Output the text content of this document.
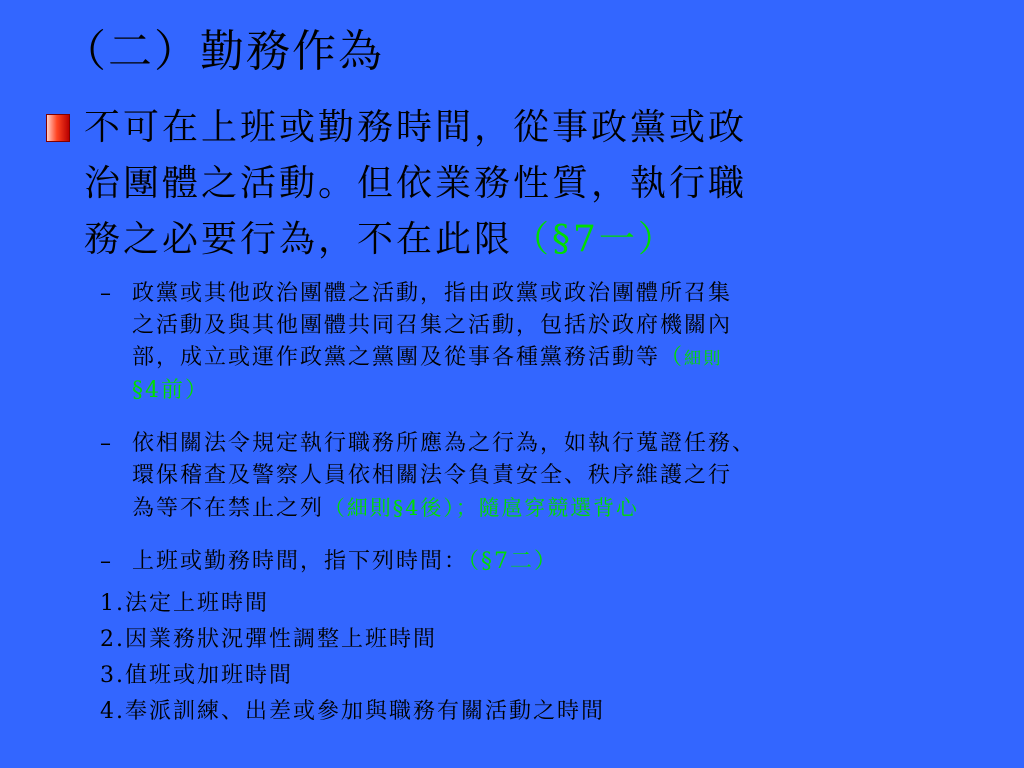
（二）勤務作為
不可在上班或勤務時間，從事政黨或政
治團體之活動。但依業務性質，執行職
務之必要行為，不在此限（§7一）
– 政黨或其他政治團體之活動，指由政黨或政治團體所召集
之活動及與其他團體共同召集之活動，包括於政府機關內
部，成立或運作政黨之黨團及從事各種黨務活動等（細則
§4前）
– 依相關法令規定執行職務所應為之行為，如執行蒐證任務、
環保稽查及警察人員依相關法令負責安全、秩序維護之行
為等不在禁止之列（細則§4後）；隨扈穿競選背心
– 上班或勤務時間，指下列時間：（§7二）
1.法定上班時間
2.因業務狀況彈性調整上班時間
3.值班或加班時間
4.奉派訓練、出差或參加與職務有關活動之時間
